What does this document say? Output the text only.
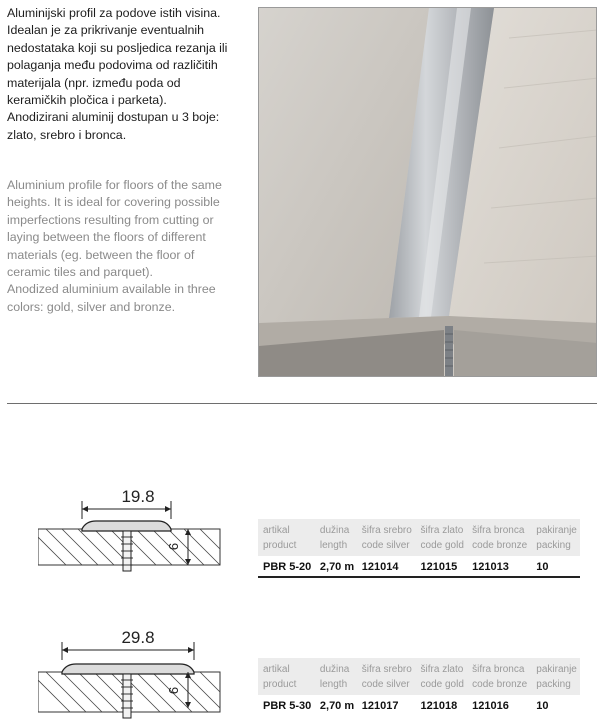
Aluminijski profil za podove istih visina.

Idealan je za prikrivanje eventualnih

nedostataka koji su posljedica rezanja ili

polaganja među podovima od različitih

materijala (npr. između poda od

keramičkih pločica i parketa).

Anodizirani aluminij dostupan u 3 boje:

zlato, srebro i bronca.

Aluminium profile for floors of the same

heights. It is ideal for covering possible

imperfections resulting from cutting or

laying between the floors of different

materials (eg. between the floor of

ceramic tiles and parquet).

Anodized aluminium available in three

colors: gold, silver and bronze.

19.8
9
artikal	dužina	šifra srebro	šifra zlato	šifra bronca	pakiranje
product	length	code silver	code gold	code bronze	packing
PBR 5-20	2,70 m	121014	121015	121013	10

29.8
9
artikal	dužina	šifra srebro	šifra zlato	šifra bronca	pakiranje
product	length	code silver	code gold	code bronze	packing
PBR 5-30	2,70 m	121017	121018	121016	10
